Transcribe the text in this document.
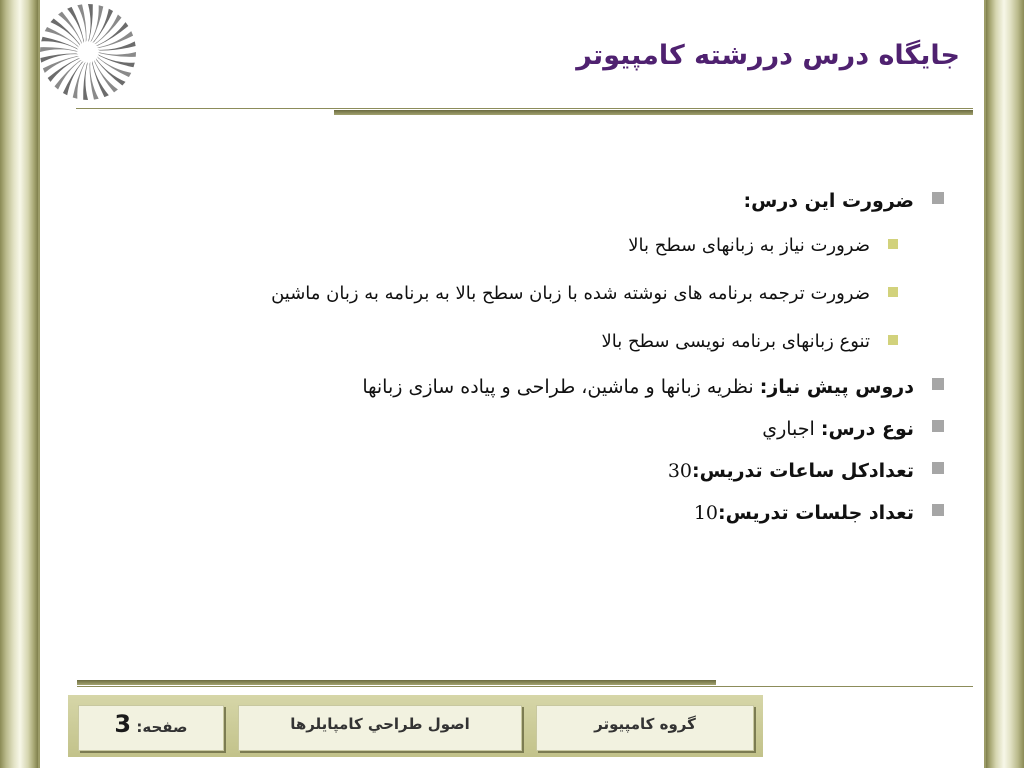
جایگاه درس دررشته کامپیوتر
ضرورت این درس:
ضرورت نیاز به زبانهای سطح بالا
ضرورت ترجمه برنامه های نوشته شده با زبان سطح بالا به برنامه به زبان ماشین
تنوع زبانهای برنامه نویسی سطح بالا
دروس پیش نیاز: نظریه زبانها و ماشین، طراحی و پیاده سازی زبانها
نوع درس: اجباري
تعدادکل ساعات تدریس:30
تعداد جلسات تدریس:10
گروه کامپيوتر
اصول طراحي کامپايلرها
صفحه: 3
